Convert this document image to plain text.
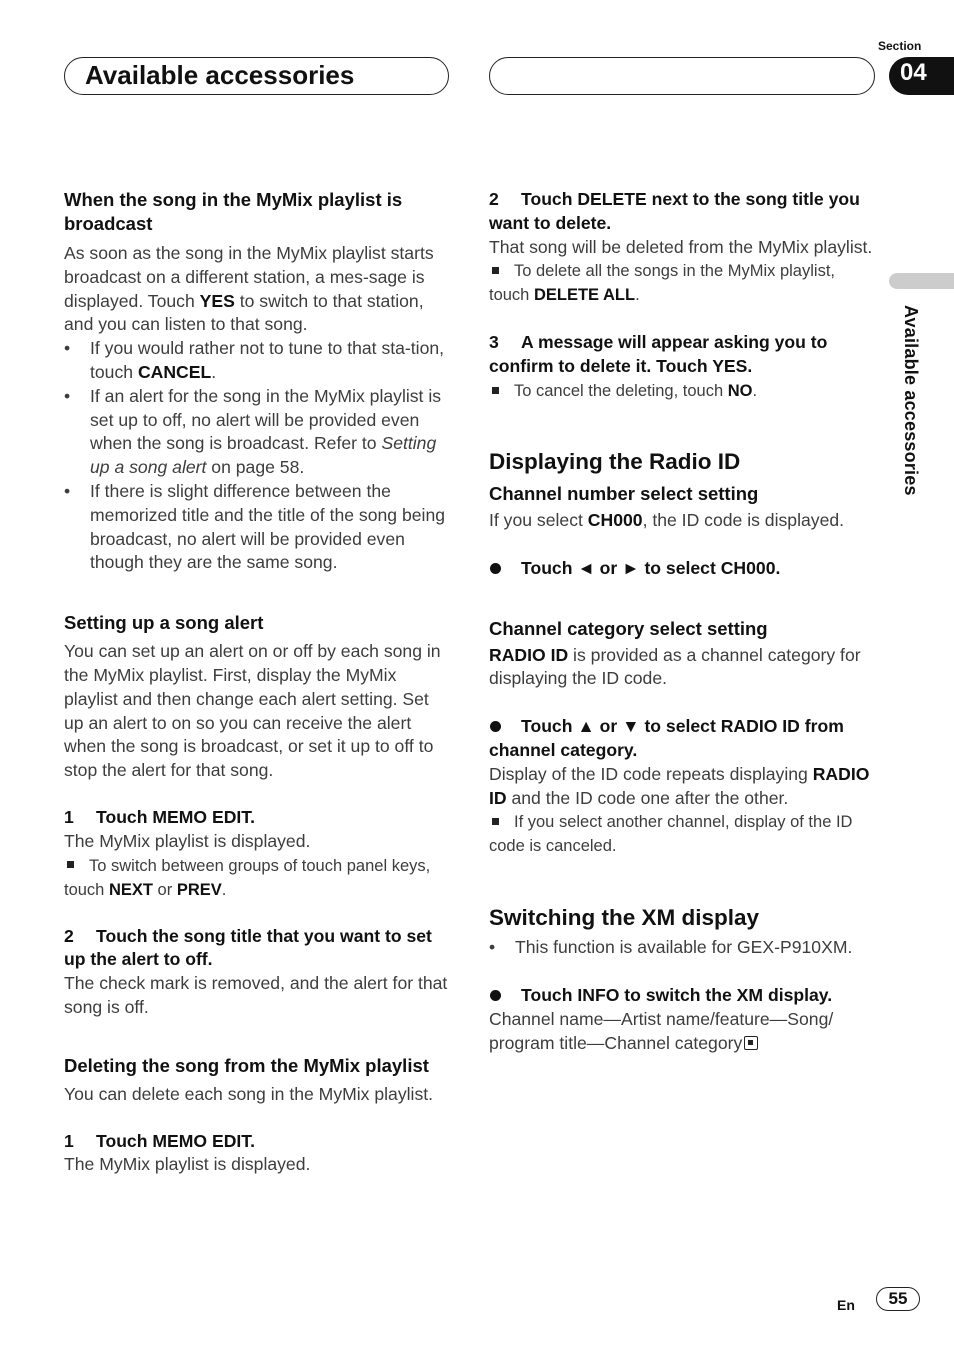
Available accessories
Section
04
Available accessories

When the song in the MyMix playlist is broadcast

As soon as the song in the MyMix playlist starts broadcast on a different station, a mes-sage is displayed. Touch YES to switch to that station, and you can listen to that song.

• If you would rather not to tune to that sta-tion, touch CANCEL.

• If an alert for the song in the MyMix playlist is set up to off, no alert will be provided even when the song is broadcast. Refer to Setting up a song alert on page 58.

• If there is slight difference between the memorized title and the title of the song being broadcast, no alert will be provided even though they are the same song.

Setting up a song alert

You can set up an alert on or off by each song in the MyMix playlist. First, display the MyMix playlist and then change each alert setting. Set up an alert to on so you can receive the alert when the song is broadcast, or set it up to off to stop the alert for that song.

1 Touch MEMO EDIT.

The MyMix playlist is displayed.

To switch between groups of touch panel keys, touch NEXT or PREV.

2 Touch the song title that you want to set up the alert to off.

The check mark is removed, and the alert for that song is off.

Deleting the song from the MyMix playlist

You can delete each song in the MyMix playlist.

1 Touch MEMO EDIT.

The MyMix playlist is displayed.

2 Touch DELETE next to the song title you want to delete.

That song will be deleted from the MyMix playlist.

To delete all the songs in the MyMix playlist, touch DELETE ALL.

3 A message will appear asking you to confirm to delete it. Touch YES.

To cancel the deleting, touch NO.

Displaying the Radio ID

Channel number select setting

If you select CH000, the ID code is displayed.

Touch ◄ or ► to select CH000.

Channel category select setting

RADIO ID is provided as a channel category for displaying the ID code.

Touch ▲ or ▼ to select RADIO ID from channel category.

Display of the ID code repeats displaying RADIO ID and the ID code one after the other.

If you select another channel, display of the ID code is canceled.

Switching the XM display

• This function is available for GEX-P910XM.

Touch INFO to switch the XM display.

Channel name—Artist name/feature—Song/ program title—Channel category

En	55
